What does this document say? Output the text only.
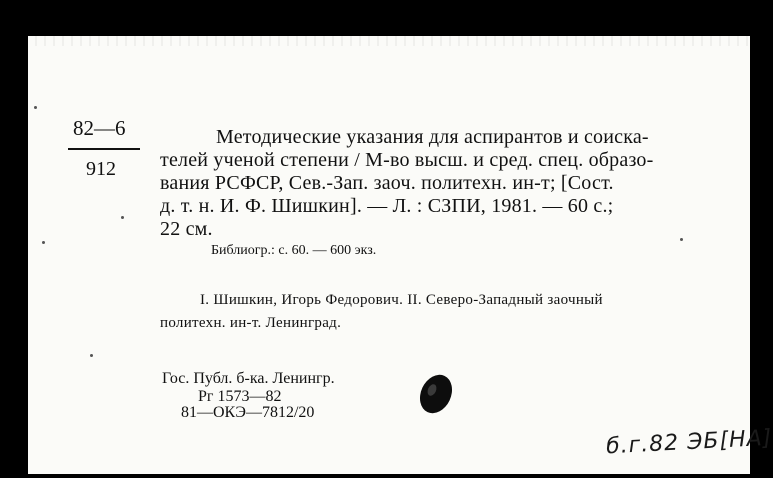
82—6
912
Методические указания для аспирантов и соиска-
телей ученой степени / М-во высш. и сред. спец. образо-
вания РСФСР, Сев.-Зап. заоч. политехн. ин-т; [Сост.
д. т. н. И. Ф. Шишкин]. — Л. : СЗПИ, 1981. — 60 с.;
22 см.
Библиогр.: с. 60. — 600 экз.
I. Шишкин, Игорь Федорович. II. Северо-Западный заочный
политехн. ин-т. Ленинград.
Гос. Публ. б-ка. Ленингр.
Рг 1573—82
81—ОКЭ—7812/20
б.г.82 ЭБ[НА]
